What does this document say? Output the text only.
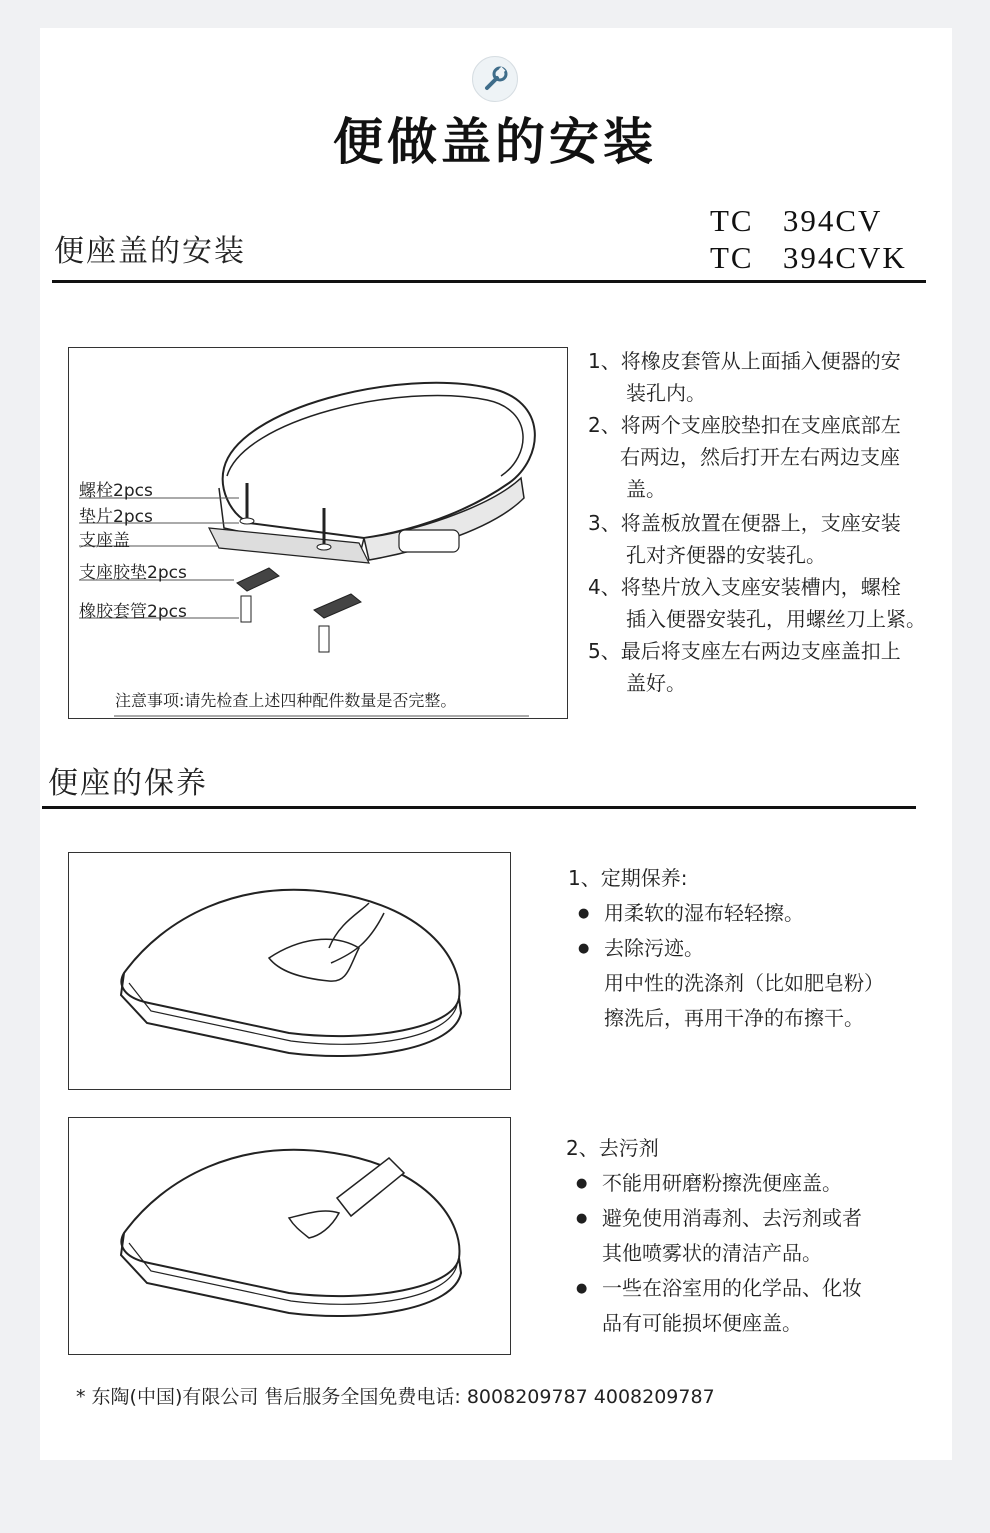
便做盖的安装
便座盖的安装
TC   394CV
TC   394CVK
螺栓2pcs
垫片2pcs
支座盖
支座胶垫2pcs
橡胶套管2pcs
注意事项:请先检查上述四种配件数量是否完整。
1、将橡皮套管从上面插入便器的安
装孔内。
2、将两个支座胶垫扣在支座底部左
右两边，然后打开左右两边支座
盖。
3、将盖板放置在便器上，支座安装
孔对齐便器的安装孔。
4、将垫片放入支座安装槽内，螺栓
插入便器安装孔，用螺丝刀上紧。
5、最后将支座左右两边支座盖扣上
盖好。
便座的保养
1、定期保养:
● 用柔软的湿布轻轻擦。
● 去除污迹。
用中性的洗涤剂（比如肥皂粉）
擦洗后，再用干净的布擦干。
2、去污剂
● 不能用研磨粉擦洗便座盖。
● 避免使用消毒剂、去污剂或者
其他喷雾状的清洁产品。
● 一些在浴室用的化学品、化妆
品有可能损坏便座盖。
* 东陶(中国)有限公司 售后服务全国免费电话: 8008209787 4008209787
